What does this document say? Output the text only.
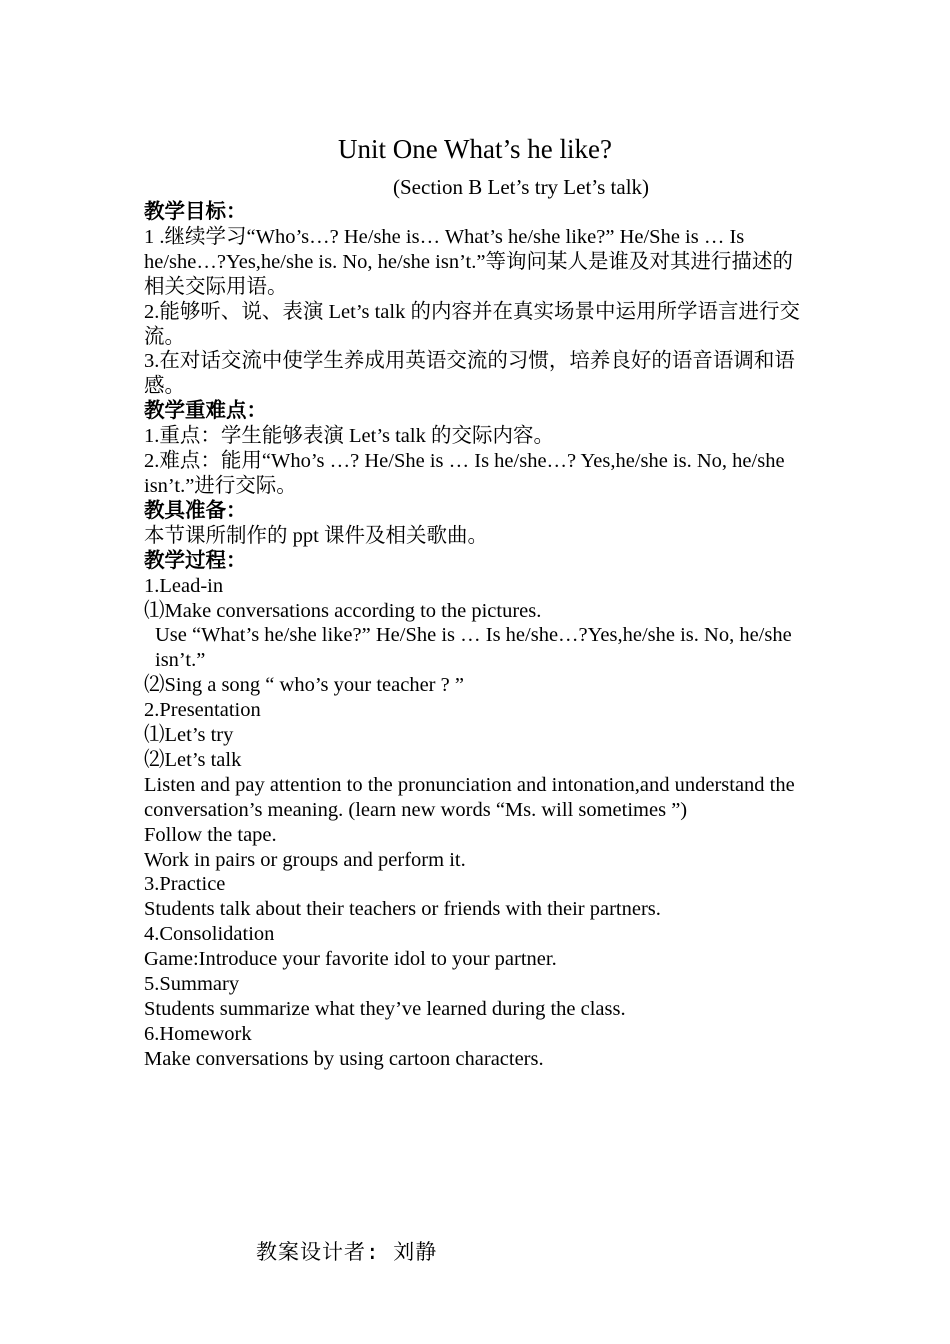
Unit One What’s he like?
(Section B Let’s try Let’s talk)

教学目标：

1 .继续学习“Who’s…? He/she is… What’s he/she like?” He/She is … Is he/she…?Yes,he/she is. No, he/she isn’t.”等询问某人是谁及对其进行描述的相关交际用语。

2.能够听、说、表演 Let’s talk 的内容并在真实场景中运用所学语言进行交流。

3.在对话交流中使学生养成用英语交流的习惯，培养良好的语音语调和语感。

教学重难点：

1.重点：学生能够表演 Let’s talk 的交际内容。

2.难点：能用“Who’s …? He/She is … Is he/she…? Yes,he/she is. No, he/she isn’t.”进行交际。

教具准备：

本节课所制作的 ppt 课件及相关歌曲。

教学过程：

1.Lead-in

⑴Make conversations according to the pictures.

Use “What’s he/she like?” He/She is … Is he/she…?Yes,he/she is. No, he/she isn’t.”

⑵Sing a song “ who’s your teacher ? ”

2.Presentation

⑴Let’s try

⑵Let’s talk

Listen and pay attention to the pronunciation and intonation,and understand the conversation’s meaning. (learn new words “Ms. will sometimes ”)

Follow the tape.

Work in pairs or groups and perform it.

3.Practice

Students talk about their teachers or friends with their partners.

4.Consolidation

Game:Introduce your favorite idol to your partner.

5.Summary

Students summarize what they’ve learned during the class.

6.Homework

Make conversations by using cartoon characters.

教案设计者: 刘静
